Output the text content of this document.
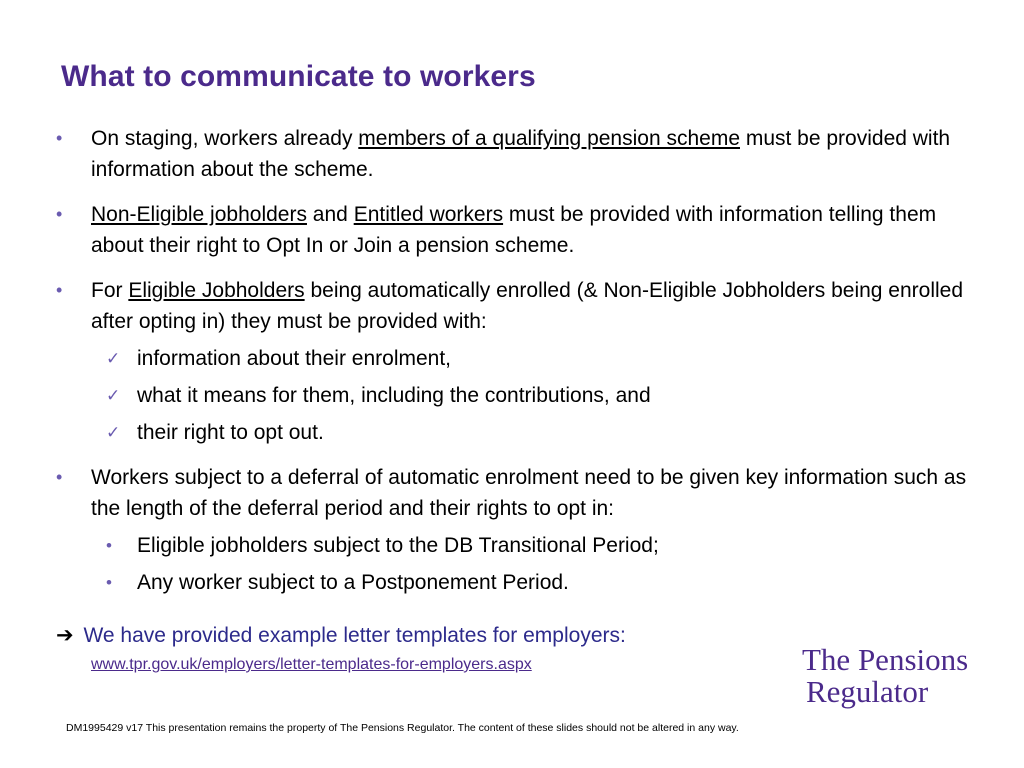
What to communicate to workers
• On staging, workers already members of a qualifying pension scheme must be provided with information about the scheme.
• Non-Eligible jobholders and Entitled workers must be provided with information telling them about their right to Opt In or Join a pension scheme.
• For Eligible Jobholders being automatically enrolled (& Non-Eligible Jobholders being enrolled after opting in) they must be provided with:
✓ information about their enrolment,
✓ what it means for them, including the contributions, and
✓ their right to opt out.
• Workers subject to a deferral of automatic enrolment need to be given key information such as the length of the deferral period and their rights to opt in:
• Eligible jobholders subject to the DB Transitional Period;
• Any worker subject to a Postponement Period.
➔ We have provided example letter templates for employers:
www.tpr.gov.uk/employers/letter-templates-for-employers.aspx	The Pensions
Regulator
DM1995429 v17 This presentation remains the property of The Pensions Regulator. The content of these slides should not be altered in any way.
